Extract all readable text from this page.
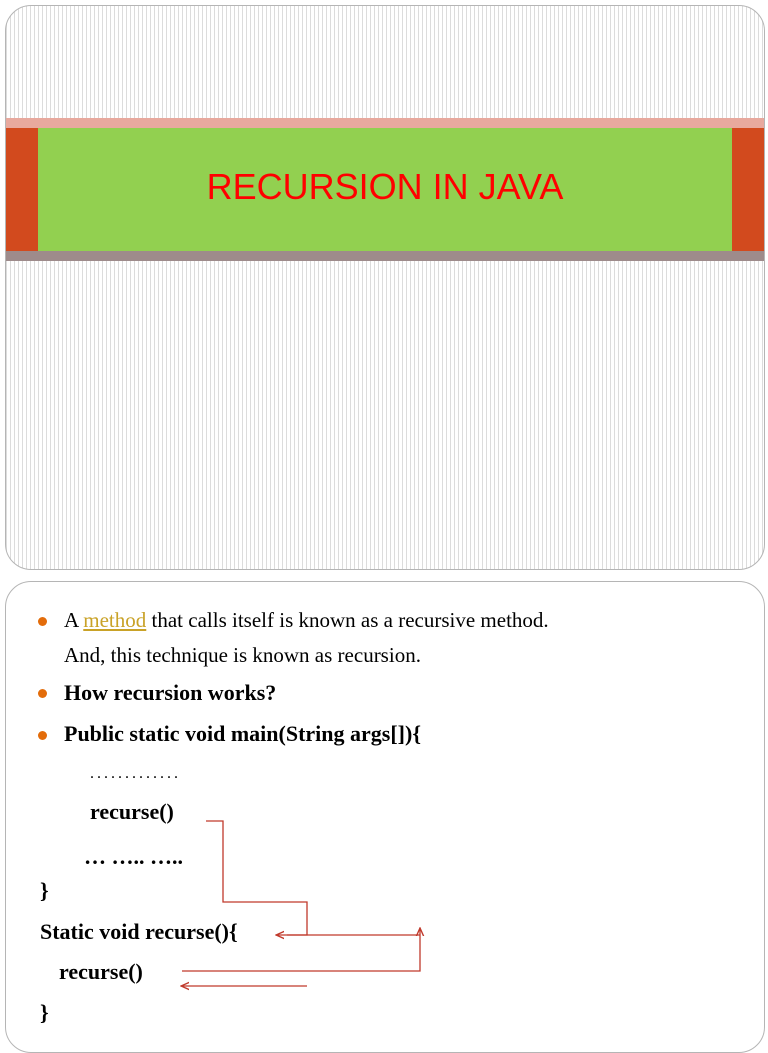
RECURSION IN JAVA
A method that calls itself is known as a recursive method.
And, this technique is known as recursion.
How recursion works?
Public static void main(String args[]){
.............
recurse()
… ….. …..
}
Static void recurse(){
recurse()
}
